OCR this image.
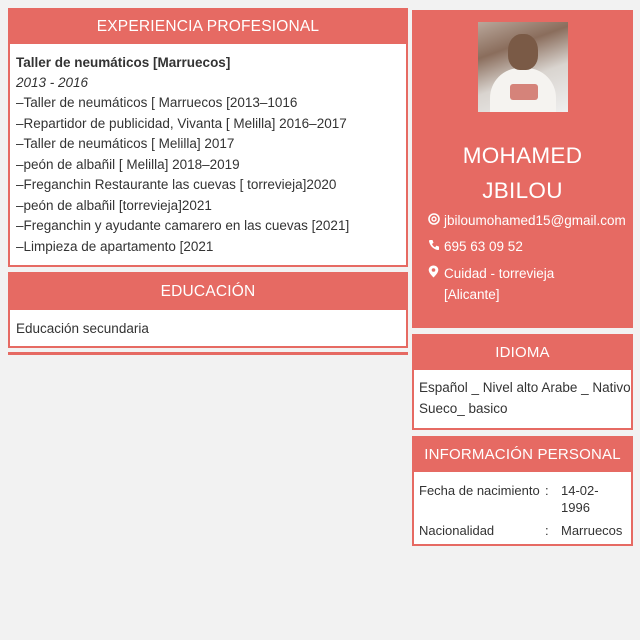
EXPERIENCIA PROFESIONAL
Taller de neumáticos [Marruecos]
2013 - 2016
–Taller de neumáticos [ Marruecos [2013–1016
–Repartidor de publicidad, Vivanta [ Melilla] 2016–2017
–Taller de neumáticos [ Melilla] 2017
–peón de albañil [ Melilla] 2018–2019
–Freganchin Restaurante las cuevas [ torrevieja]2020
–peón de albañil [torrevieja]2021
–Freganchin y ayudante camarero en las cuevas [2021]
–Limpieza de apartamento [2021
EDUCACIÓN
Educación secundaria
MOHAMED
JBILOU
jbiloumohamed15@gmail.com
695 63 09 52
Cuidad - torrevieja
[Alicante]
IDIOMA
Español _ Nivel alto Arabe _ Nativo
Sueco_ basico
INFORMACIÓN PERSONAL
Fecha de nacimiento	:	14-02-1996
Nacionalidad	:	Marruecos
